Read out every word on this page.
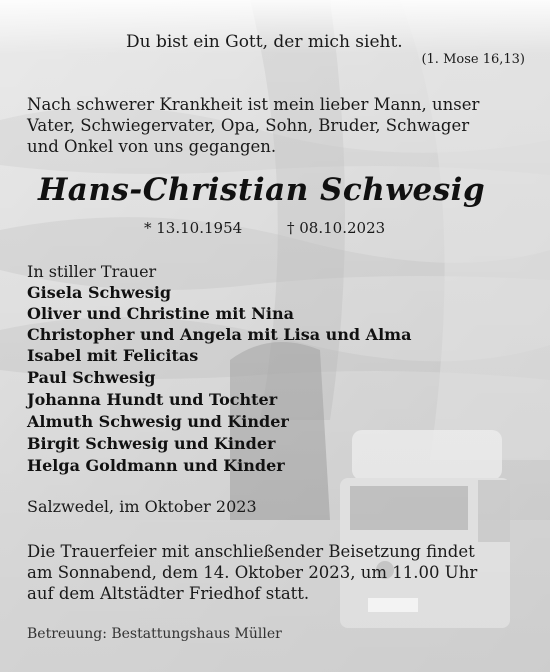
Du bist ein Gott, der mich sieht.
(1. Mose 16,13)
Nach schwerer Krankheit ist mein lieber Mann, unser
Vater, Schwiegervater, Opa, Sohn, Bruder, Schwager
und Onkel von uns gegangen.
Hans-Christian Schwesig
* 13.10.1954	† 08.10.2023
In stiller Trauer
Gisela Schwesig
Oliver und Christine mit Nina
Christopher und Angela mit Lisa und Alma
Isabel mit Felicitas
Paul Schwesig
Johanna Hundt und Tochter
Almuth Schwesig und Kinder
Birgit Schwesig und Kinder
Helga Goldmann und Kinder
Salzwedel, im Oktober 2023
Die Trauerfeier mit anschließender Beisetzung findet
am Sonnabend, dem 14. Oktober 2023, um 11.00 Uhr
auf dem Altstädter Friedhof statt.
Betreuung: Bestattungshaus Müller
